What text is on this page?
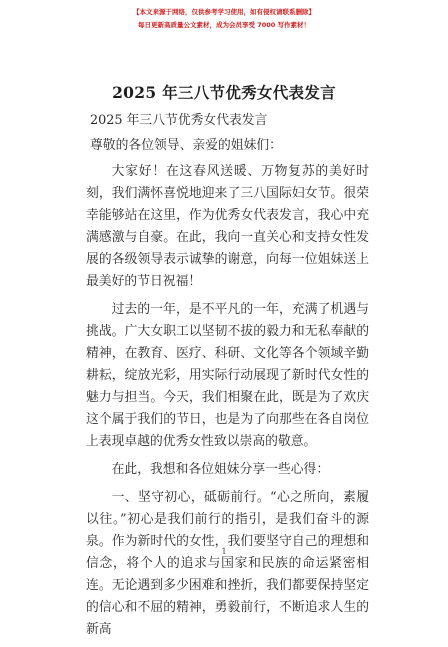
【本文来源于网络，仅供参考学习使用，如有侵权请联系删除】
每日更新高质量公文素材，成为会员享受 7000 写作素材！
2025 年三八节优秀女代表发言

2025 年三八节优秀女代表发言

尊敬的各位领导、亲爱的姐妹们：

大家好！在这春风送暖、万物复苏的美好时刻，我们满怀喜悦地迎来了三八国际妇女节。很荣幸能够站在这里，作为优秀女代表发言，我心中充满感激与自豪。在此，我向一直关心和支持女性发展的各级领导表示诚挚的谢意，向每一位姐妹送上最美好的节日祝福！

过去的一年，是不平凡的一年，充满了机遇与挑战。广大女职工以坚韧不拔的毅力和无私奉献的精神，在教育、医疗、科研、文化等各个领域辛勤耕耘，绽放光彩，用实际行动展现了新时代女性的魅力与担当。今天，我们相聚在此，既是为了欢庆这个属于我们的节日，也是为了向那些在各自岗位上表现卓越的优秀女性致以崇高的敬意。

在此，我想和各位姐妹分享一些心得：

一、坚守初心，砥砺前行。“心之所向，素履以往。”初心是我们前行的指引，是我们奋斗的源泉。作为新时代的女性，我们要坚守自己的理想和信念，将个人的追求与国家和民族的命运紧密相连。无论遇到多少困难和挫折，我们都要保持坚定的信心和不屈的精神，勇毅前行，不断追求人生的新高

1
